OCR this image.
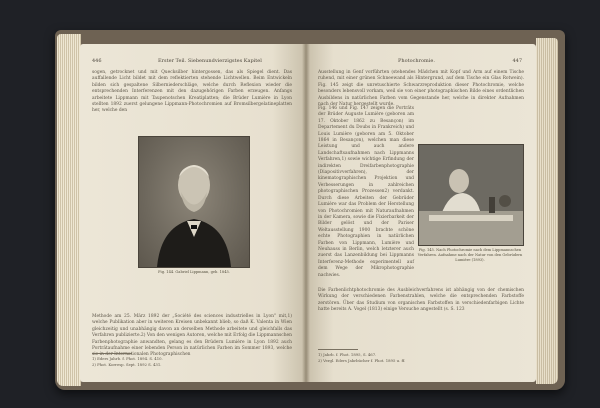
446	Erster Teil. Siebenundvierzigstes Kapitel

sogen, getrocknet und mit Quecksilber hintergossen, das als Spiegel dient. Das auffallende Licht bildet mit dem reflektierten stehende Lichtwellen. Beim Entwickeln bilden sich gespaltene Silberniederschläge, welche durch Reflexion wieder die entsprechenden Interferenzen mit den dazugehörigen Farben erzeugen. Anfangs arbeitete Lippmann mit Taupenotschen Kreatiplatten; die Brüder Lumière in Lyon stellten 1892 zuerst gelungene Lippmann-Photochromien auf Bromsilbergelatineplatten her, welche den

Fig. 144. Gabriel Lippmann, geb. 1845.

Methode am 25. März 1892 der „Société des sciences industrielles in Lyon" mit,1) welche Publikation aber in weiteren Kreisen unbekannt blieb, so daß K. Valenta in Wien gleichzeitig und unabhängig davon an derselben Methode arbeitete und gleichfalls das Verfahren publizierte.2) Von den wenigen Autoren, welche mit Erfolg die Lippmannschen Farbenphotographie anwandten, gelang es den Brüdern Lumière in Lyon 1892 auch Porträtaufnahme einer lebenden Person in natürlichen Farben im Sommer 1893, welche sie in der Internationalen Photographischen

1) Eders Jahrb. f. Phot. 1894. S. 410.
2) Phot. Korresp. Sept. 1892 S. 431.
Photochromie.	447

Ausstellung in Genf vorführten (stehendes Mädchen mit Kopf und Arm auf einem Tische ruhend, mit einer grünen Schneewand als Hintergrund, auf dem Tische ein Glas Rotwein). Fig. 145 zeigt die unretuschierte Schwarzreproduktion dieser Photochromie, welche besonders lebensvoll vorkam, weil sie von einer photographischen Bilde eines ordentlichen Ausbildens in natürlichen Farben vom Gegenstande her, welche in direkter Aufnahmen nach der Natur hergestellt wurde.

Fig. 146 und Fig. 147 zeigen die Porträts der Brüder Auguste Lumière (geboren am 17. Oktober 1862 zu Besançon) im Departement du Doubs in Frankreich) und Louis Lumière (geboren am 5. Oktober 1864 in Besançon), welchen man diese Leistung und auch andere Landschaftsaufnahmen nach Lippmanns Verfahren,1) sowie wichtige Erfindung der indirekten Dreifarbenphotographie (Diapositivverfahren), der kinematographischen Projektion und Verbesserungen in zahlreichen photographischen Prozessen2) verdankt. Durch diese Arbeiten der Gebrüder Lumière war das Problem der Herstellung von Photochromien mit Naturaufnahmen in der Kamera, sowie die Fixierbarkeit der Bilder gelöst und der Pariser Weltausstellung 1900 brachte schöne echte Photographien in natürlichen Farben von Lippmann, Lumière und Neuhauss in Berlin, welch letzterer auch zuerst das Lanzenbildung bei Lippmanns Interferenz-Methode experimentell auf dem Wege der Mikrophotographie nachwies.

Fig. 145. Nach Photochromie nach dem Lippmannschen Verfahren. Aufnahme nach der Natur von den Gebrüdern Lumière (1893).

Die Farbenlichtphotochromie des Ausbleichverfahrens ist abhängig von der chemischen Wirkung der verschiedenen Farbenstrahlen, welche die entsprechenden Farbstoffe zerstören. Über das Studium von organischen Farbstoffen in verschiedenfarbigen Lichte hatte bereits A. Vogel (1813) einige Versuche angestellt (s. S. 123

1) Jahrb. f. Phot. 1895, S. 467.
2) Vergl. Eders Jahrbücher f. Phot. 1895 u. ff.
